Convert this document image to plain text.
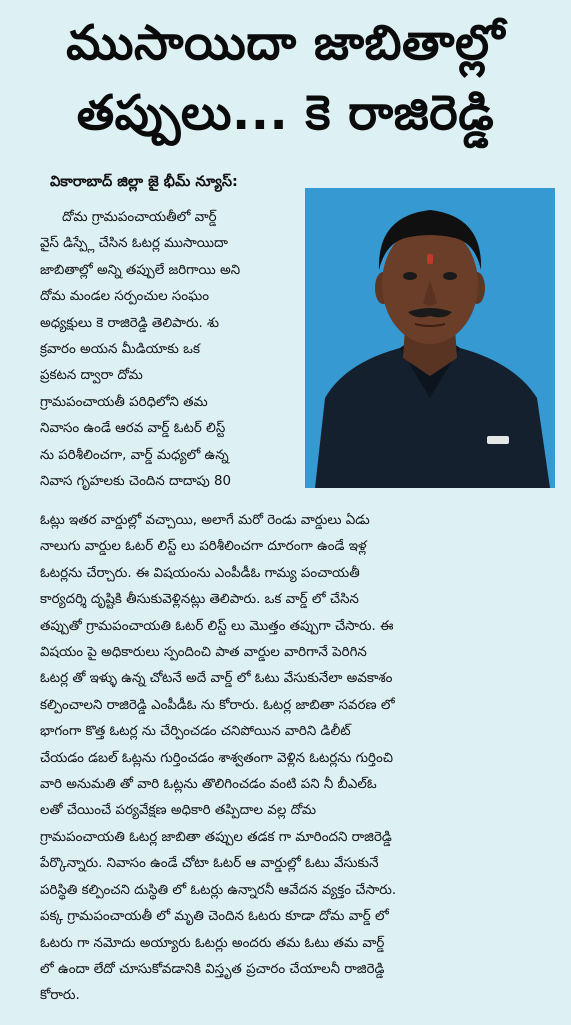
ముసాయిదా జాబితాల్లో
తప్పులు... కె రాజిరెడ్డి
వికారాబాద్ జిల్లా జై భీమ్ న్యూస్:
దోమ గ్రామపంచాయతీలో వార్డ్
వైస్ డిస్ప్లే చేసిన ఓటర్ల ముసాయిదా
జాబితాల్లో అన్ని తప్పులే జరిగాయి అని
దోమ మండల సర్పంచుల సంఘం
అధ్యక్షులు కె రాజిరెడ్డి తెలిపారు. శు
క్రవారం అయన మీడియాకు ఒక
ప్రకటన ద్వారా దోమ
గ్రామపంచాయతీ పరిధిలోని తమ
నివాసం ఉండే ఆరవ వార్డ్ ఓటర్ లిస్ట్
ను పరిశీలించగా, వార్డ్ మధ్యలో ఉన్న
నివాస గృహలకు చెందిన దాదాపు 80
ఓట్లు ఇతర వార్డుల్లో వచ్చాయి, అలాగే మరో రెండు వార్డులు ఏడు
నాలుగు వార్డుల ఓటర్ లిస్ట్ లు పరిశీలించగా దూరంగా ఉండే ఇళ్ల
ఓటర్లను చేర్చారు. ఈ విషయంను ఎంపీడీఓ గామ్య పంచాయతీ
కార్యదర్శి దృష్టికి తీసుకువెళ్లినట్లు తెలిపారు. ఒక వార్డ్ లో చేసిన
తప్పుతో గ్రామపంచాయతి ఓటర్ లిస్ట్ లు మొత్తం తప్పుగా చేసారు. ఈ
విషయం పై అధికారులు స్పందించి పాత వార్డుల వారిగానే పెరిగిన
ఓటర్ల తో ఇళ్ళు ఉన్న చోటనే అదే వార్డ్ లో ఓటు వేసుకునేలా అవకాశం
కల్పించాలని రాజిరెడ్డి ఎంపీడీఓ ను కోరారు. ఓటర్ల జాబితా సవరణ లో
భాగంగా కొత్త ఓటర్ల ను చేర్పించడం చనిపోయిన వారిని డిలీట్
చేయడం డబల్ ఓట్లను గుర్తించడం శాశ్వతంగా వెళ్లిన ఓటర్లను గుర్తించి
వారి అనుమతి తో వారి ఓట్లను తొలిగించడం వంటి పని నీ బీఎల్ఓ
లతో చేయించే పర్యవేక్షణ అధికారి తప్పిదాల వల్ల దోమ
గ్రామపంచాయతి ఓటర్ల జాబితా తప్పుల తడక గా మారిందని రాజిరెడ్డి
పేర్కొన్నారు. నివాసం ఉండే చోటా ఓటర్ ఆ వార్డుల్లో ఓటు వేసుకునే
పరిస్థితి కల్పించని దుస్థితి లో ఓటర్లు ఉన్నారనీ ఆవేదన వ్యక్తం చేసారు.
పక్క గ్రామపంచాయతీ లో మృతి చెందిన ఓటరు కూడా దోమ వార్డ్ లో
ఓటరు గా నమోదు అయ్యారు ఓటర్లు అందరు తమ ఓటు తమ వార్డ్
లో ఉందా లేదో చూసుకోవడానికి విస్తృత ప్రచారం చేయాలనీ రాజిరెడ్డి
కోరారు.
